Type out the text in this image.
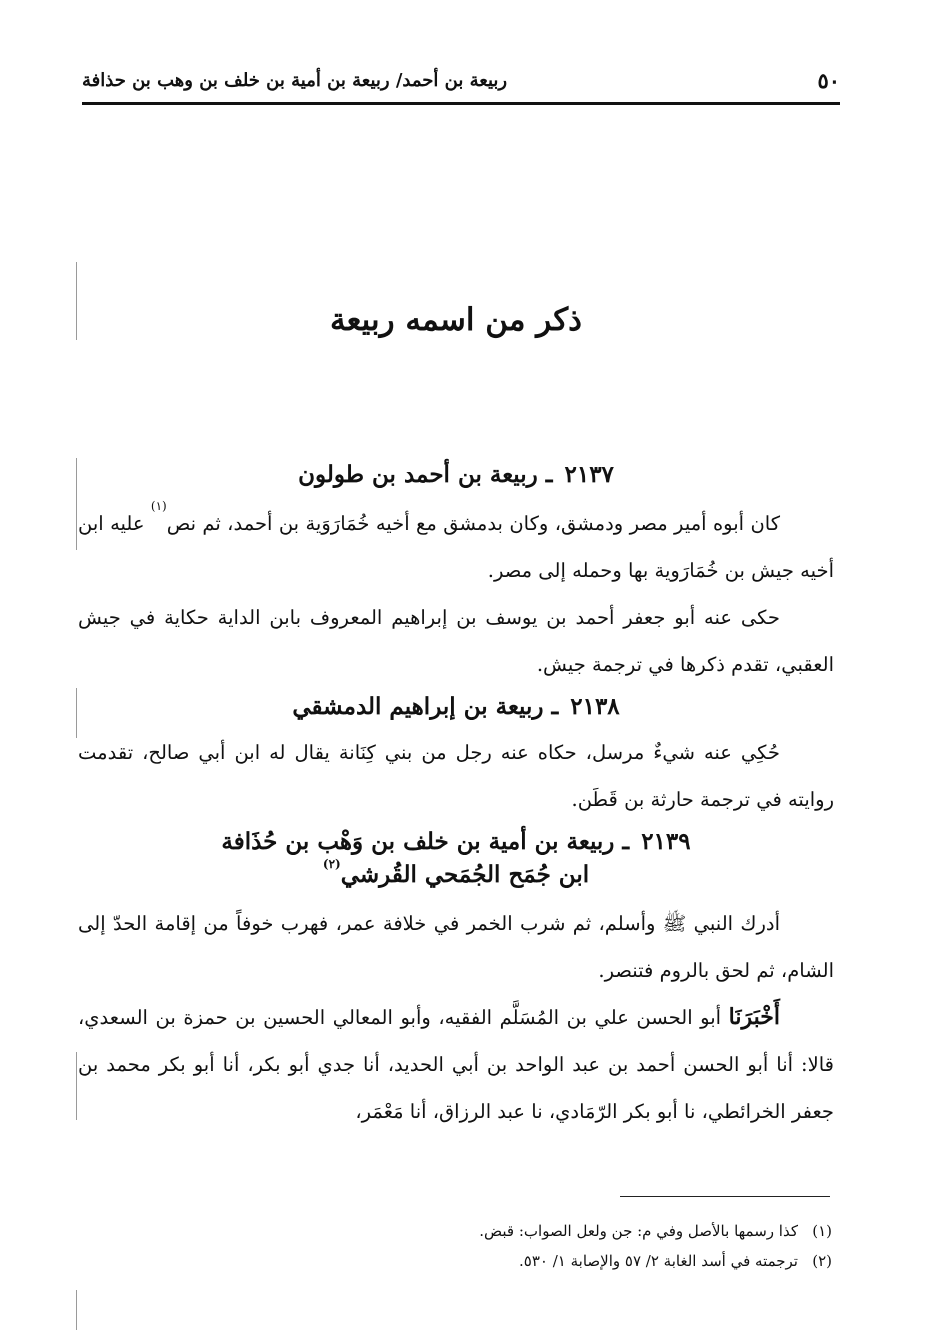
ربيعة بن أحمد/ ربيعة بن أمية بن خلف بن وهب بن حذافة	٥٠
ذكر من اسمه ربيعة
٢١٣٧ ـ ربيعة بن أحمد بن طولون

كان أبوه أمير مصر ودمشق، وكان بدمشق مع أخيه خُمَارَوَية بن أحمد، ثم نص$^{(١)}$ عليه ابن أخيه جيش بن خُمَارَوية بها وحمله إلى مصر.

حكى عنه أبو جعفر أحمد بن يوسف بن إبراهيم المعروف بابن الداية حكاية في جيش العقبي، تقدم ذكرها في ترجمة جيش.

٢١٣٨ ـ ربيعة بن إبراهيم الدمشقي

حُكِي عنه شيءٌ مرسل، حكاه عنه رجل من بني كِنَانة يقال له ابن أبي صالح، تقدمت روايته في ترجمة حارثة بن قَطَن.

٢١٣٩ ـ ربيعة بن أمية بن خلف بن وَهْب بن حُذَافة
ابن جُمَح الجُمَحي القُرشي$^{(٢)}$

أدرك النبي ﷺ وأسلم، ثم شرب الخمر في خلافة عمر، فهرب خوفاً من إقامة الحدّ إلى الشام، ثم لحق بالروم فتنصر.

أَخْبَرَنَا أبو الحسن علي بن المُسَلَّم الفقيه، وأبو المعالي الحسين بن حمزة بن السعدي، قالا: أنا أبو الحسن أحمد بن عبد الواحد بن أبي الحديد، أنا جدي أبو بكر، أنا أبو بكر محمد بن جعفر الخرائطي، نا أبو بكر الرّمَادي، نا عبد الرزاق، أنا مَعْمَر،

(١)كذا رسمها بالأصل وفي م: جن ولعل الصواب: قبض.
(٢)ترجمته في أسد الغابة ٢/ ٥٧ والإصابة ١/ ٥٣٠.
